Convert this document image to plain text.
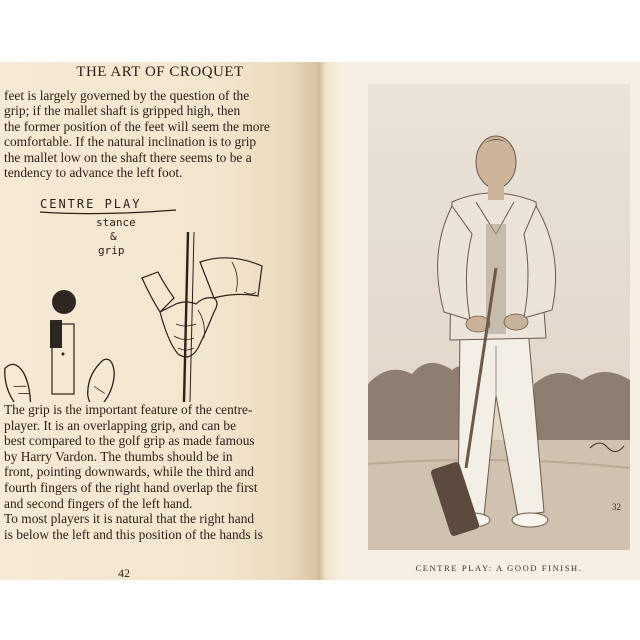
THE ART OF CROQUET
feet is largely governed by the question of the
grip; if the mallet shaft is gripped high, then
the former position of the feet will seem the more
comfortable. If the natural inclination is to grip
the mallet low on the shaft there seems to be a
tendency to advance the left foot.
CENTRE PLAY
stance
&
grip
The grip is the important feature of the centre-
player. It is an overlapping grip, and can be
best compared to the golf grip as made famous
by Harry Vardon. The thumbs should be in
front, pointing downwards, while the third and
fourth fingers of the right hand overlap the first
and second fingers of the left hand.
To most players it is natural that the right hand
is below the left and this position of the hands is
42
32
CENTRE PLAY: A GOOD FINISH.
